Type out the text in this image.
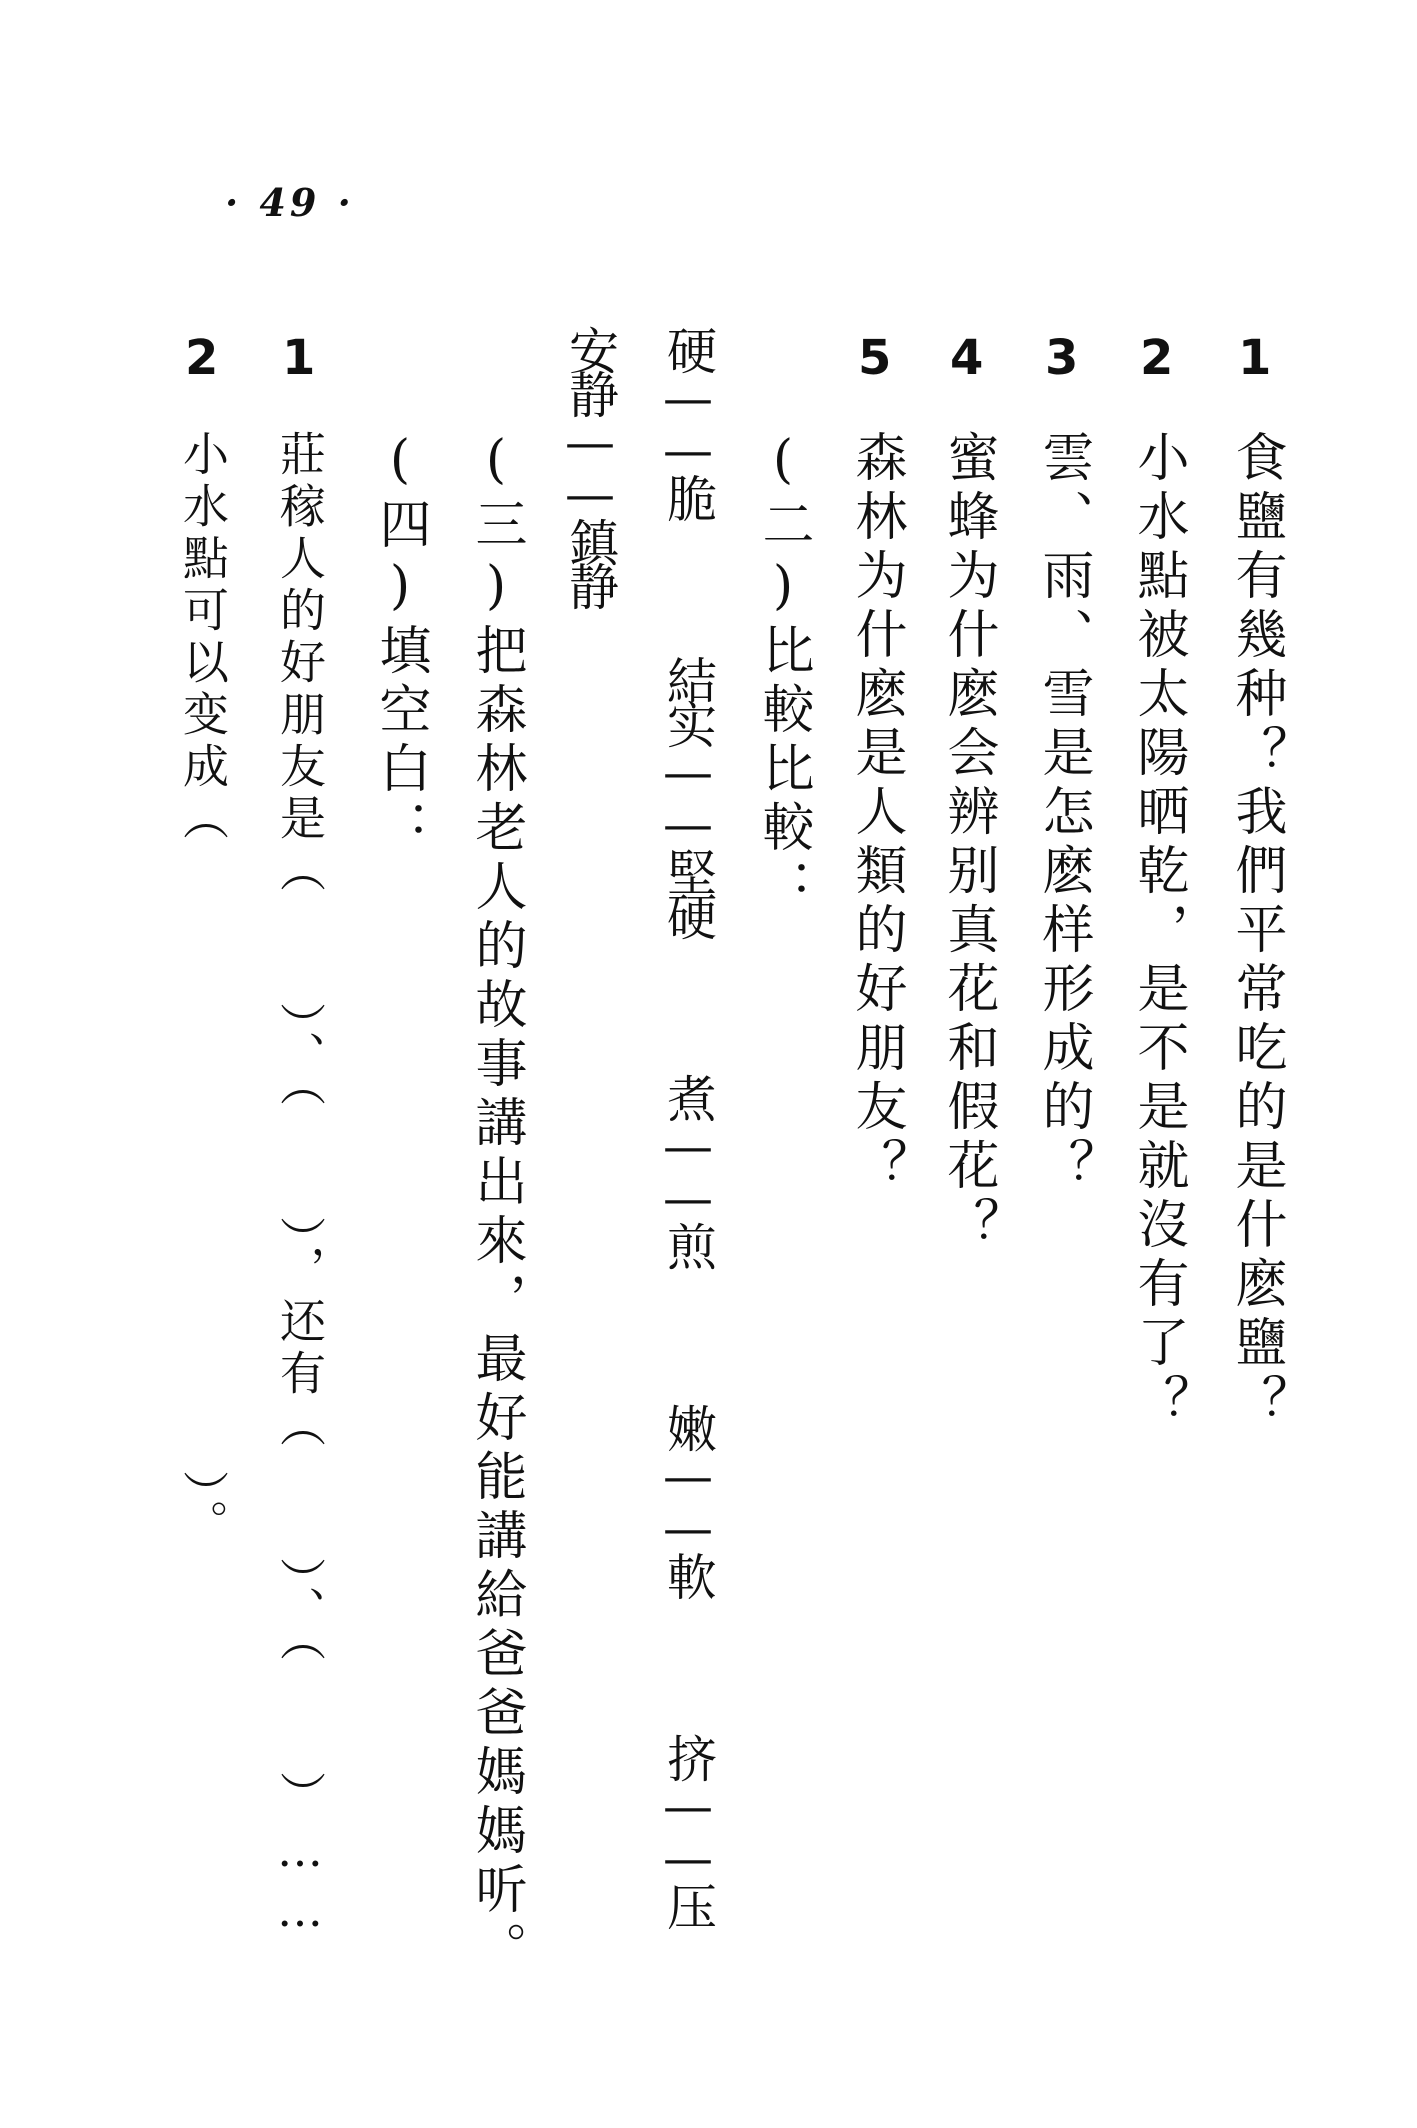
· 49 ·
1
食鹽有幾种？我們平常吃的是什麽鹽？
2
小水點被太陽晒乾，是不是就沒有了？
3
雲、雨、雪是怎麽样形成的？
4
蜜蜂为什麽会辨别真花和假花？
5
森林为什麽是人類的好朋友？
(二)比較比較：
硬——脆 結实——堅硬 煮——煎 嫩——軟 挤——压
安静——鎮静
(三)把森林老人的故事講出來，最好能講給爸爸媽媽听。
(四)填空白：
1
莊稼人的好朋友是（　　）、（　　），还有（　　）、（　　）……
2
小水點可以变成（　　　　　　　　　　　　）。
